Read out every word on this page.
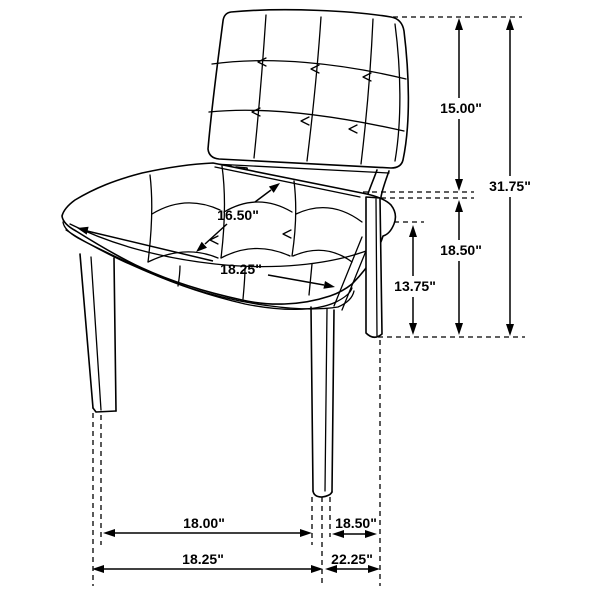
15.00"
31.75"
18.50"
13.75"
16.50"
18.25"
18.00"	18.50"
18.25"	22.25"
